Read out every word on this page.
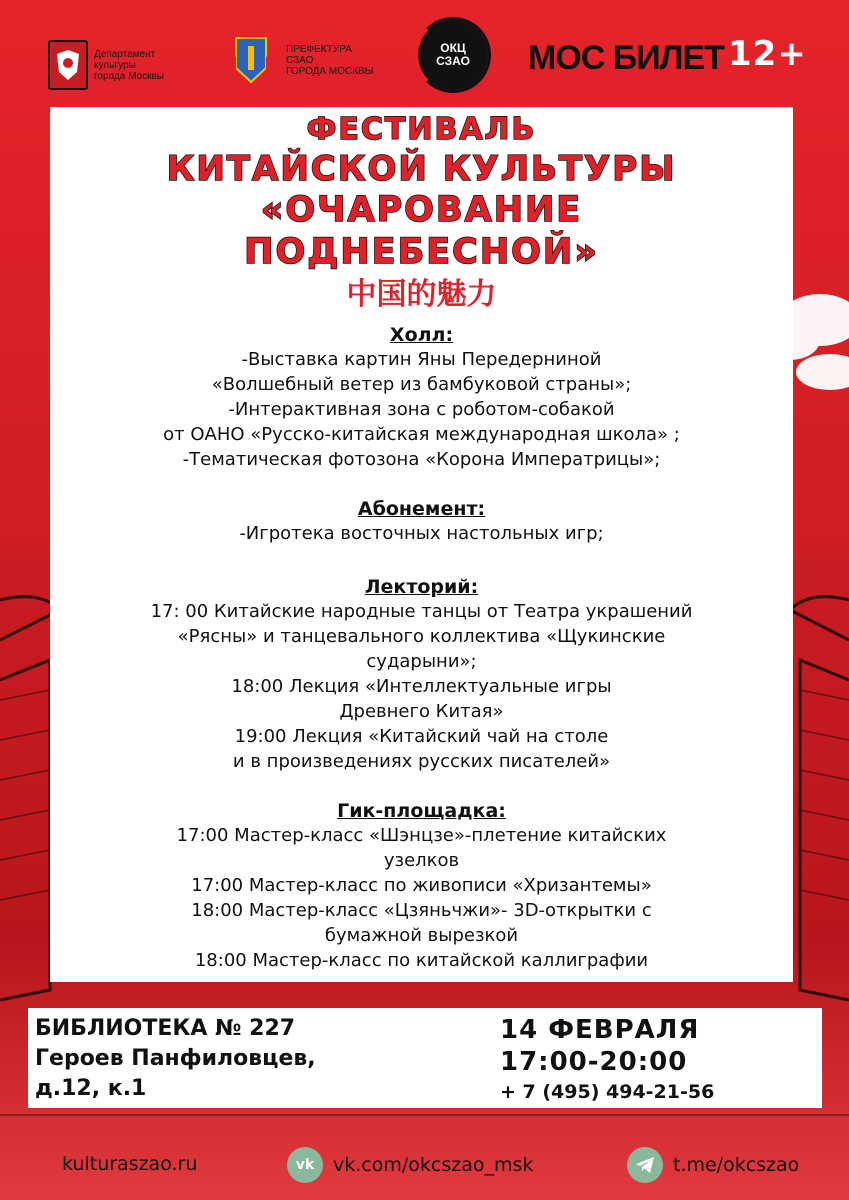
Департамент
культуры
города Москвы
ПРЕФЕКТУРА
СЗАО
ГОРОДА МОСКВЫ
ОКЦ
СЗАО МОС БИЛЕТ 12+
ФЕСТИВАЛЬ
КИТАЙСКОЙ КУЛЬТУРЫ
«ОЧАРОВАНИЕ
ПОДНЕБЕСНОЙ»
中国的魅力
Холл:
-Выставка картин Яны Передерниной
«Волшебный ветер из бамбуковой страны»;
-Интерактивная зона с роботом-собакой
от ОАНО «Русско-китайская международная школа» ;
-Тематическая фотозона «Корона Императрицы»;
Абонемент:
-Игротека восточных настольных игр;
Лекторий:
17: 00 Китайские народные танцы от Театра украшений
«Рясны» и танцевального коллектива «Щукинские
сударыни»;
18:00 Лекция «Интеллектуальные игры
Древнего Китая»
19:00 Лекция «Китайский чай на столе
и в произведениях русских писателей»
Гик-площадка:
17:00 Мастер-класс «Шэнцзе»-плетение китайских
узелков
17:00 Мастер-класс по живописи «Хризантемы»
18:00 Мастер-класс «Цзяньчжи»- 3D-открытки с
бумажной вырезкой
18:00 Мастер-класс по китайской каллиграфии
БИБЛИОТЕКА № 227
Героев Панфиловцев,
д.12, к.1
14 ФЕВРАЛЯ
17:00-20:00
+ 7 (495) 494-21-56
kulturaszao.ru	vk vk.com/okcszao_msk	t.me/okcszao
